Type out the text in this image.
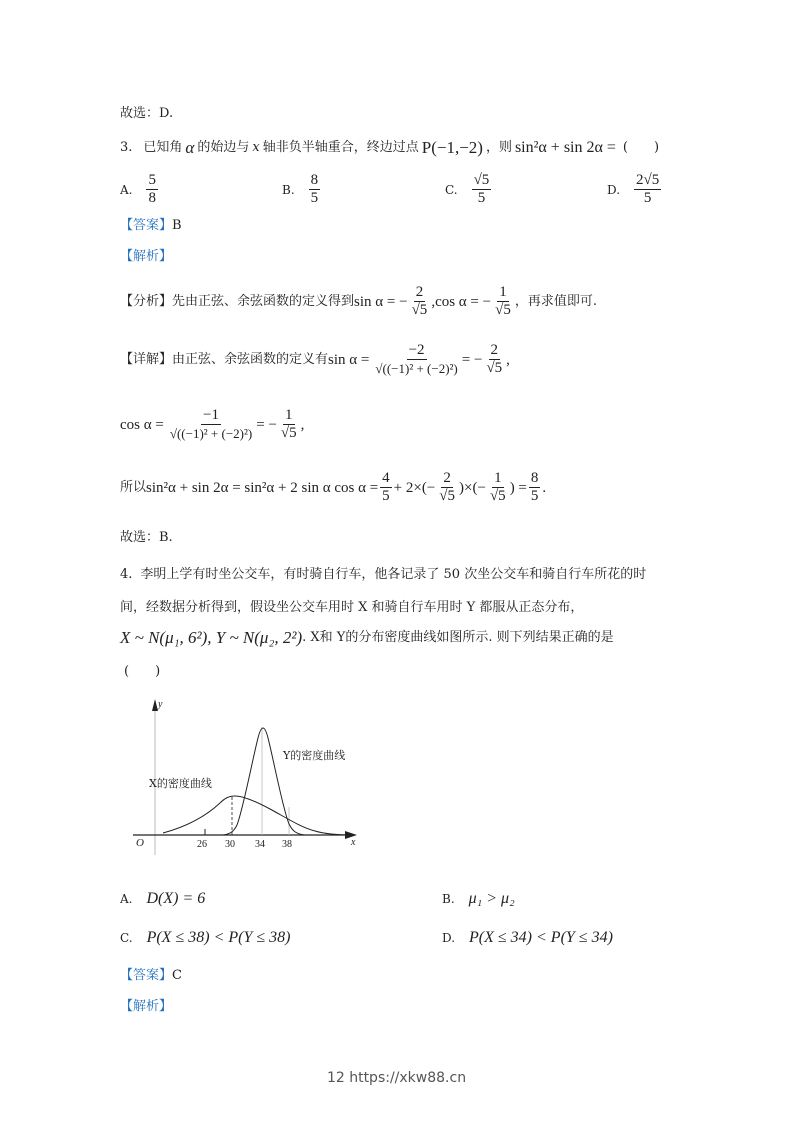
故选：D.
3. 已知角 α 的始边与 x 轴非负半轴重合，终边过点 P(−1,−2) ，则 sin²α + sin 2α = (　　)
A. $\frac{5}{8}$	B. $\frac{8}{5}$	C. $\frac{√5}{5}$	D. $\frac{2√5}{5}$
【答案】B
【解析】
【分析】 先由正弦、余弦函数的定义得到 sin α = − $\frac{2}{√5} ,\cos$ α = − $\frac{1}{√5}$ ，再求值即可.
【详解】 由正弦、余弦函数的定义有 $\sin \alpha = \frac{-2}{\text{√((−1)² + (−2)²)}}$ = − $\frac{2}{√5}$ ,
$\cos \alpha = \frac{-1}{\text{√((−1)² + (−2)²)}}$ = − $\frac{1}{√5}$ ,
所以 sin²α + sin 2α = sin²α + 2 sin α $\cos \alpha = \frac{4}{5} + 2\times(- \frac{2}{√5}$ )×(− $\frac{1}{√5}$ ) = $\frac{8}{5}$ .
故选：B.
4. 李明上学有时坐公交车，有时骑自行车，他各记录了 50 次坐公交车和骑自行车所花的时
间，经数据分析得到，假设坐公交车用时 X 和骑自行车用时 Y 都服从正态分布，
X ~ N(μ₁, 6²), Y ~ N(μ₂, 2²) . X和 Y的分布密度曲线如图所示. 则下列结果正确的是
(　　)
y
x
O
X的密度曲线
Y的密度曲线
26 30 34 38
A. D(X) = 6	B. μ₁ > μ₂
C. P(X ≤ 38) < P(Y ≤ 38)	D. P(X ≤ 34) < P(Y ≤ 34)
【答案】C
【解析】
12 https://xkw88.cn
